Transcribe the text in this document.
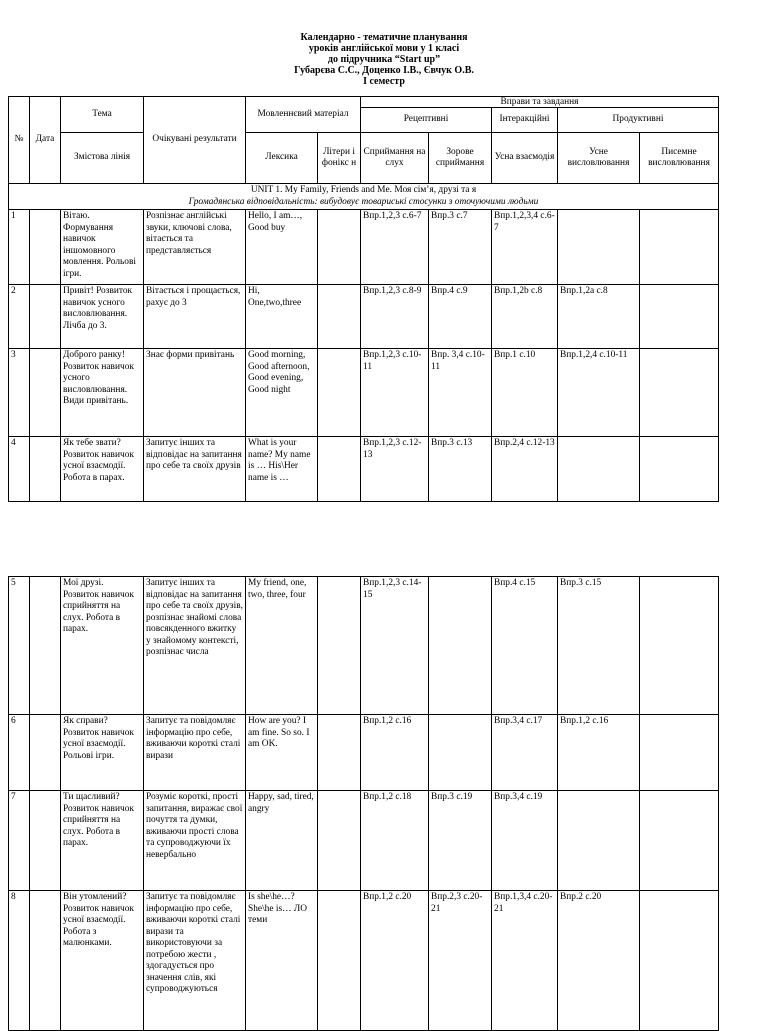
Календарно - тематичне планування
уроків англійської мови у 1 класі
до підручника “Start up”
Губарєва С.С., Доценко І.В., Євчук О.В.
І семестр
№	Дата	Тема	Очікувані результати	Мовленнєвий матеріал		Вправи та завдання				
						Рецептивні		Інтеракційні	Продуктивні	
		Змістова лінія		Лексика	Літери і фонікс н	Сприймання на слух	Зорове сприймання	Усна взаємодія	Усне висловлювання	Писемне висловлювання

UNIT 1. My Family, Friends and Me. Моя сім’я, друзі та я
Громадянська відповідальність: вибудовує товариські стосунки з оточуючими людьми										

1		Вітаю. Формування навичок іншомовного мовлення. Рольові ігри.	Розпізнає англійські звуки, ключові слова, вітається та представляється	Hello, I am…, Good buy		Впр.1,2,3 с.6-7	Впр.3 с.7	Впр.1,2,3,4 с.6-7		
2		Привіт! Розвиток навичок усного висловлювання. Лічба до 3.	Вітається і прощається, рахує до 3	Hi, One,two,three		Впр.1,2,3 с.8-9	Впр.4 с.9	Впр.1,2b с.8	Впр.1,2a с.8	
3		Доброго ранку! Розвиток навичок усного висловлювання. Види привітань.	Знає форми привітань	Good morning, Good afternoon, Good evening, Good night		Впр.1,2,3 с.10-11	Впр. 3,4 с.10-11	Впр.1 с.10	Впр.1,2,4 с.10-11	
4		Як тебе звати? Розвиток навичок усної взаємодії. Робота в парах.	Запитує інших та відповідає на запитання про себе та своїх друзів	What is your name? My name is … His\Her name is …		Впр.1,2,3 с.12-13	Впр.3 с.13	Впр.2,4 с.12-13		
5		Мої друзі. Розвиток навичок сприйняття на слух. Робота в парах.	Запитує інших та відповідає на запитання про себе та своїх друзів, розпізнає знайомі слова повсякденного вжитку у знайомому контексті, розпізнає числа	My friend, one, two, three, four		Впр.1,2,3 с.14-15		Впр.4 с.15	Впр.3 с.15	
6		Як справи? Розвиток навичок усної взаємодії. Рольові ігри.	Запитує та повідомляє інформацію про себе, вживаючи короткі сталі вирази	How are you? I am fine. So so. I am OK.		Впр.1,2 с.16		Впр.3,4 с.17	Впр.1,2 с.16	
7		Ти щасливий? Розвиток навичок сприйняття на слух. Робота в парах.	Розуміє короткі, прості запитання, виражає свої почуття та думки, вживаючи прості слова та супроводжуючи їх невербально	Happy, sad, tired, angry		Впр.1,2 с.18	Впр.3 с.19	Впр.3,4 с.19		
8		Він утомлений? Розвиток навичок усної взаємодії. Робота з малюнками.	Запитує та повідомляє інформацію про себе, вживаючи короткі сталі вирази та використовуючи за потребою жести , здогадується про значення слів, які супроводжуються	Is she\he…? She\he is… ЛО теми		Впр.1,2 с.20	Впр.2,3 с.20-21	Впр.1,3,4 с.20-21	Впр.2 с.20	
